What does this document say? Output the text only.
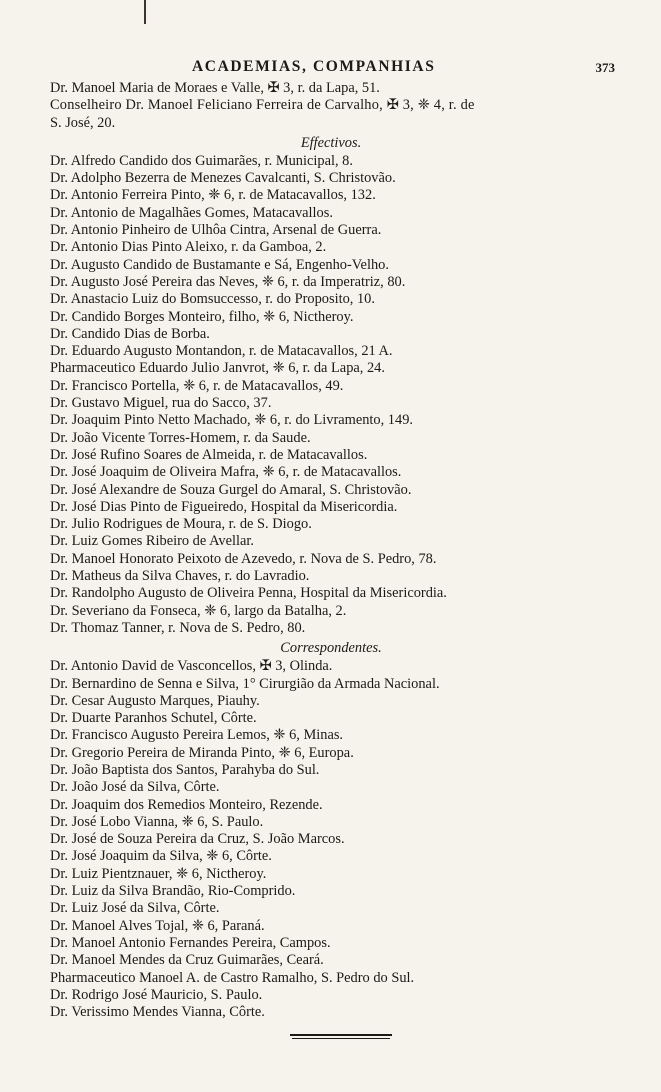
ACADEMIAS, COMPANHIAS	373
Dr. Manoel Maria de Moraes e Valle, ✠ 3, r. da Lapa, 51.
Conselheiro Dr. Manoel Feliciano Ferreira de Carvalho, ✠ 3, ❈ 4, r. de
S. José, 20.
Effectivos.
Dr. Alfredo Candido dos Guimarães, r. Municipal, 8.
Dr. Adolpho Bezerra de Menezes Cavalcanti, S. Christovão.
Dr. Antonio Ferreira Pinto, ❈ 6, r. de Matacavallos, 132.
Dr. Antonio de Magalhães Gomes, Matacavallos.
Dr. Antonio Pinheiro de Ulhôa Cintra, Arsenal de Guerra.
Dr. Antonio Dias Pinto Aleixo, r. da Gamboa, 2.
Dr. Augusto Candido de Bustamante e Sá, Engenho-Velho.
Dr. Augusto José Pereira das Neves, ❈ 6, r. da Imperatriz, 80.
Dr. Anastacio Luiz do Bomsuccesso, r. do Proposito, 10.
Dr. Candido Borges Monteiro, filho, ❈ 6, Nictheroy.
Dr. Candido Dias de Borba.
Dr. Eduardo Augusto Montandon, r. de Matacavallos, 21 A.
Pharmaceutico Eduardo Julio Janvrot, ❈ 6, r. da Lapa, 24.
Dr. Francisco Portella, ❈ 6, r. de Matacavallos, 49.
Dr. Gustavo Miguel, rua do Sacco, 37.
Dr. Joaquim Pinto Netto Machado, ❈ 6, r. do Livramento, 149.
Dr. João Vicente Torres-Homem, r. da Saude.
Dr. José Rufino Soares de Almeida, r. de Matacavallos.
Dr. José Joaquim de Oliveira Mafra, ❈ 6, r. de Matacavallos.
Dr. José Alexandre de Souza Gurgel do Amaral, S. Christovão.
Dr. José Dias Pinto de Figueiredo, Hospital da Misericordia.
Dr. Julio Rodrigues de Moura, r. de S. Diogo.
Dr. Luiz Gomes Ribeiro de Avellar.
Dr. Manoel Honorato Peixoto de Azevedo, r. Nova de S. Pedro, 78.
Dr. Matheus da Silva Chaves, r. do Lavradio.
Dr. Randolpho Augusto de Oliveira Penna, Hospital da Misericordia.
Dr. Severiano da Fonseca, ❈ 6, largo da Batalha, 2.
Dr. Thomaz Tanner, r. Nova de S. Pedro, 80.
Correspondentes.
Dr. Antonio David de Vasconcellos, ✠ 3, Olinda.
Dr. Bernardino de Senna e Silva, 1° Cirurgião da Armada Nacional.
Dr. Cesar Augusto Marques, Piauhy.
Dr. Duarte Paranhos Schutel, Côrte.
Dr. Francisco Augusto Pereira Lemos, ❈ 6, Minas.
Dr. Gregorio Pereira de Miranda Pinto, ❈ 6, Europa.
Dr. João Baptista dos Santos, Parahyba do Sul.
Dr. João José da Silva, Côrte.
Dr. Joaquim dos Remedios Monteiro, Rezende.
Dr. José Lobo Vianna, ❈ 6, S. Paulo.
Dr. José de Souza Pereira da Cruz, S. João Marcos.
Dr. José Joaquim da Silva, ❈ 6, Côrte.
Dr. Luiz Pientznauer, ❈ 6, Nictheroy.
Dr. Luiz da Silva Brandão, Rio-Comprido.
Dr. Luiz José da Silva, Côrte.
Dr. Manoel Alves Tojal, ❈ 6, Paraná.
Dr. Manoel Antonio Fernandes Pereira, Campos.
Dr. Manoel Mendes da Cruz Guimarães, Ceará.
Pharmaceutico Manoel A. de Castro Ramalho, S. Pedro do Sul.
Dr. Rodrigo José Mauricio, S. Paulo.
Dr. Verissimo Mendes Vianna, Côrte.
